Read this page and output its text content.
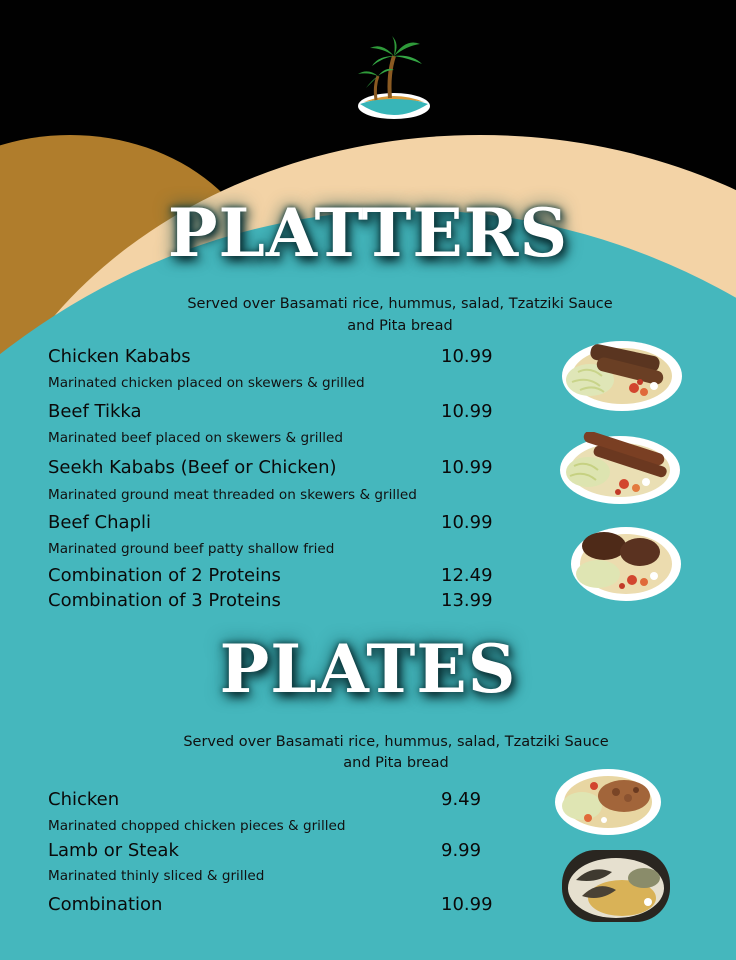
PLATTERS
Served over Basamati rice, hummus, salad, Tzatziki Sauce
and Pita bread
Chicken Kababs	10.99
Marinated chicken placed on skewers & grilled
Beef Tikka	10.99
Marinated beef placed on skewers & grilled
Seekh Kababs (Beef or Chicken)	10.99
Marinated ground meat threaded on skewers & grilled
Beef Chapli	10.99
Marinated ground beef patty shallow fried
Combination of 2 Proteins	12.49
Combination of 3 Proteins	13.99
PLATES
Served over Basamati rice, hummus, salad, Tzatziki Sauce
and Pita bread
Chicken	9.49
Marinated chopped chicken pieces & grilled
Lamb or Steak	9.99
Marinated thinly sliced & grilled
Combination	10.99
